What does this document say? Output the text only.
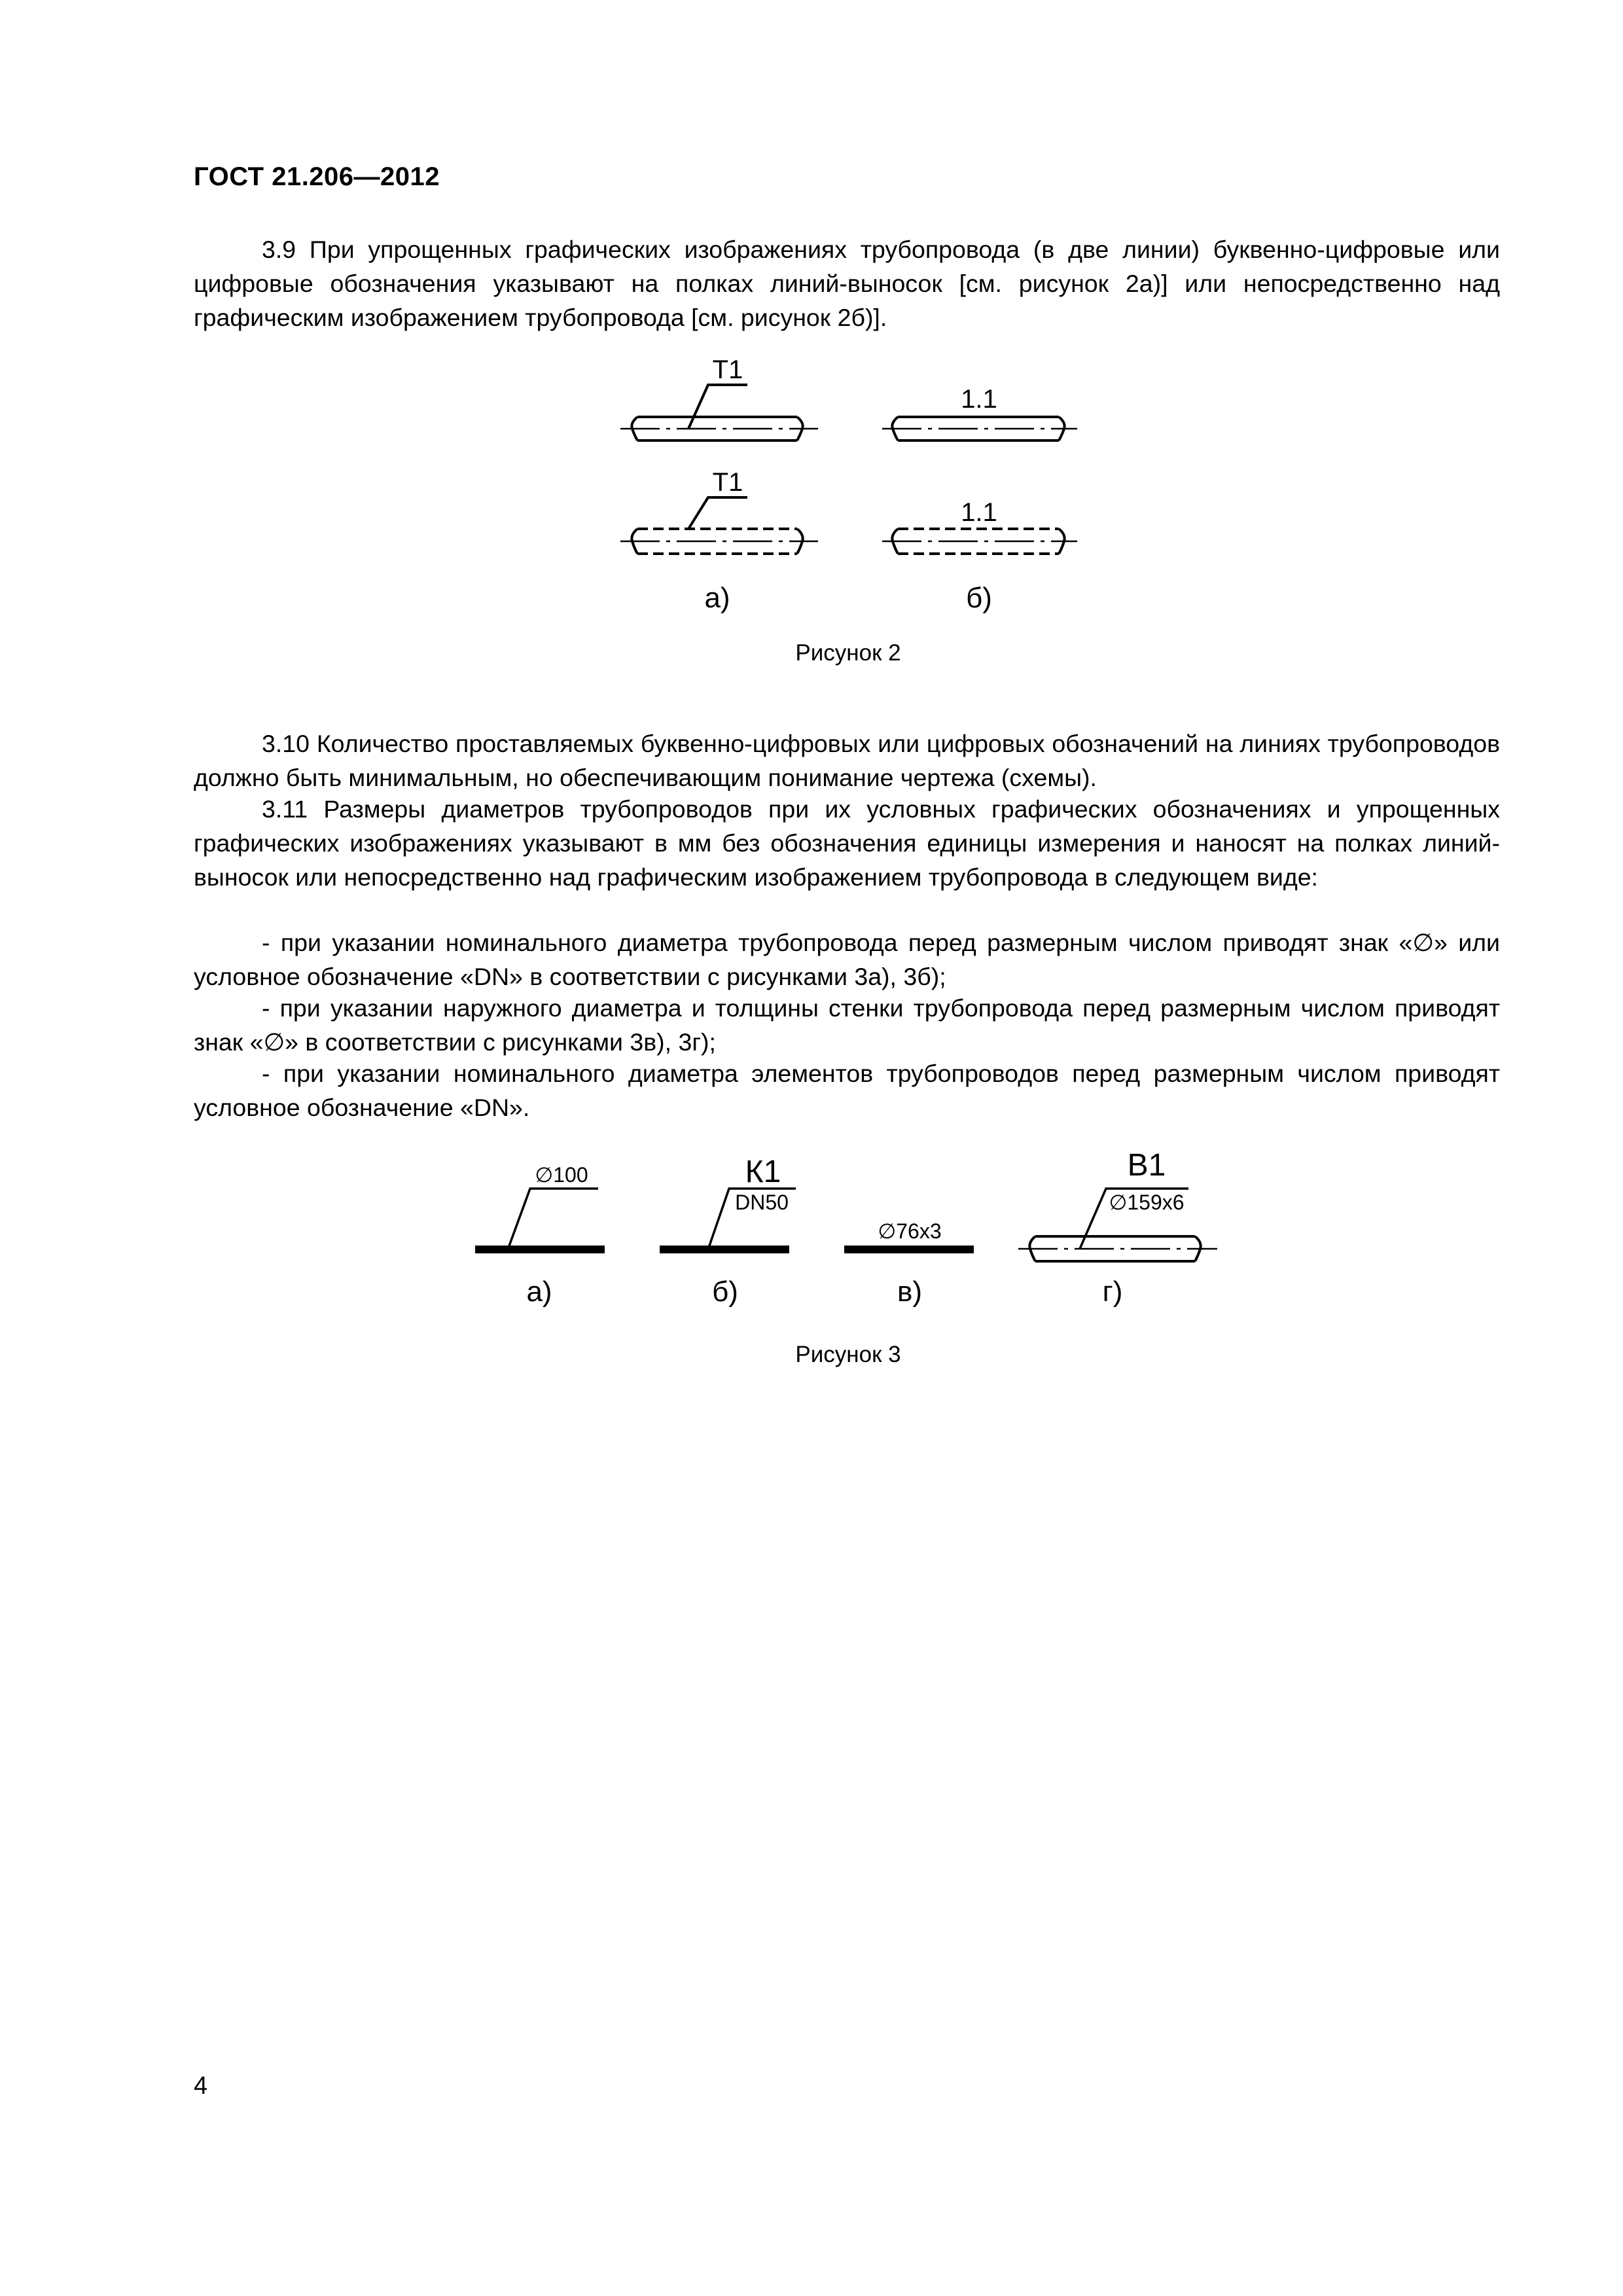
ГОСТ 21.206—2012
3.9 При упрощенных графических изображениях трубопровода (в две линии) буквенно-цифровые или цифровые обозначения указывают на полках линий-выносок [см. рисунок 2а)] или непосредственно над графическим изображением трубопровода [см. рисунок 2б)].
Т1
1.1
Т1
1.1
а)	б)
Рисунок 2
3.10 Количество проставляемых буквенно-цифровых или цифровых обозначений на линиях трубопроводов должно быть минимальным, но обеспечивающим понимание чертежа (схемы).
3.11 Размеры диаметров трубопроводов при их условных графических обозначениях и упрощенных графических изображениях указывают в мм без обозначения единицы измерения и наносят на полках линий-выносок или непосредственно над графическим изображением трубопровода в следующем виде:
- при указании номинального диаметра трубопровода перед размерным числом приводят знак «∅» или условное обозначение «DN» в соответствии с рисунками 3а), 3б);
- при указании наружного диаметра и толщины стенки трубопровода перед размерным числом приводят знак «∅» в соответствии с рисунками 3в), 3г);
- при указании номинального диаметра элементов трубопроводов перед размерным числом приводят условное обозначение «DN».
∅100	К1
DN50
∅76х3
В1
∅159х6
а)	б)	в)	г)
Рисунок 3
4
